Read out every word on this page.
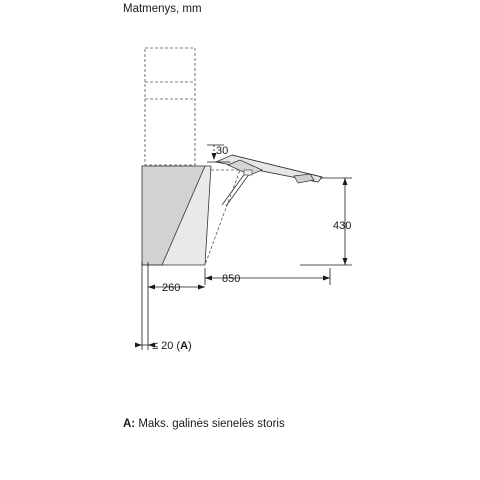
Matmenys, mm
30
430
850
260
≤ 20 (A)
A: Maks. galinės sienelės storis
